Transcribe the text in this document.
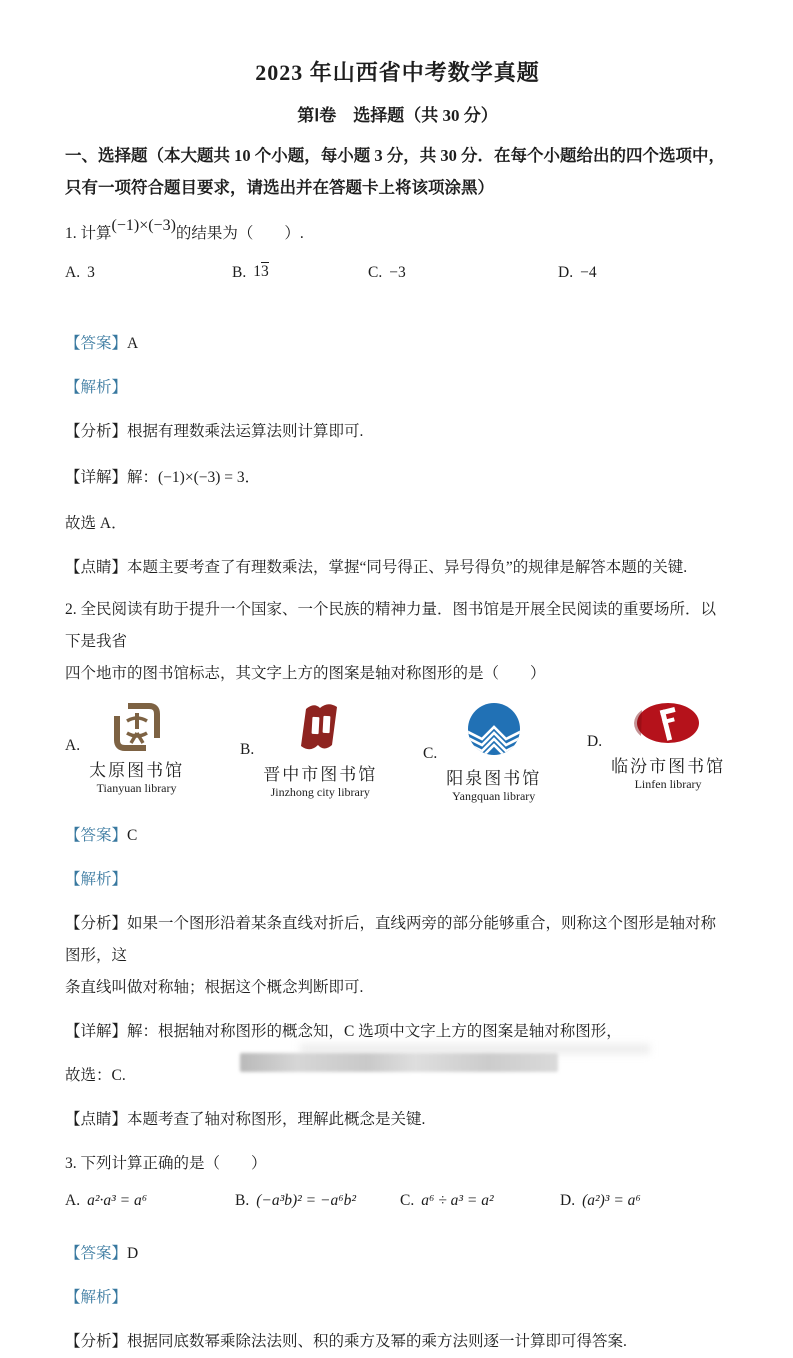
2023 年山西省中考数学真题
第Ⅰ卷　选择题（共 30 分）
一、选择题（本大题共 10 个小题，每小题 3 分，共 30 分．在每个小题给出的四个选项中，
只有一项符合题目要求，请选出并在答题卡上将该项涂黑）

1. 计算(−1)×(−3)的结果为（　　）.

A. 3	B. 13	C. −3	D. −4

【答案】A

【解析】

【分析】根据有理数乘法运算法则计算即可.

【详解】解：(−1)×(−3) = 3．

故选 A．

【点睛】本题主要考查了有理数乘法，掌握“同号得正、异号得负”的规律是解答本题的关键.

2. 全民阅读有助于提升一个国家、一个民族的精神力量．图书馆是开展全民阅读的重要场所．以下是我省

四个地市的图书馆标志，其文字上方的图案是轴对称图形的是（　　）

A.
太原图书馆
Tianyuan library
B.
晋中市图书馆
Jinzhong city library
C.
阳泉图书馆
Yangquan library
D.
临汾市图书馆
Linfen library

【答案】C

【解析】

【分析】如果一个图形沿着某条直线对折后，直线两旁的部分能够重合，则称这个图形是轴对称图形，这

条直线叫做对称轴；根据这个概念判断即可.

【详解】解：根据轴对称图形的概念知，C 选项中文字上方的图案是轴对称图形，

故选：C.

【点睛】本题考查了轴对称图形，理解此概念是关键.

3. 下列计算正确的是（　　）

A. a²·a³ = a⁶	B. (−a³b)² = −a⁶b²	C. a⁶ ÷ a³ = a²	D. (a²)³ = a⁶

【答案】D

【解析】

【分析】根据同底数幂乘除法法则、积的乘方及幂的乘方法则逐一计算即可得答案.
